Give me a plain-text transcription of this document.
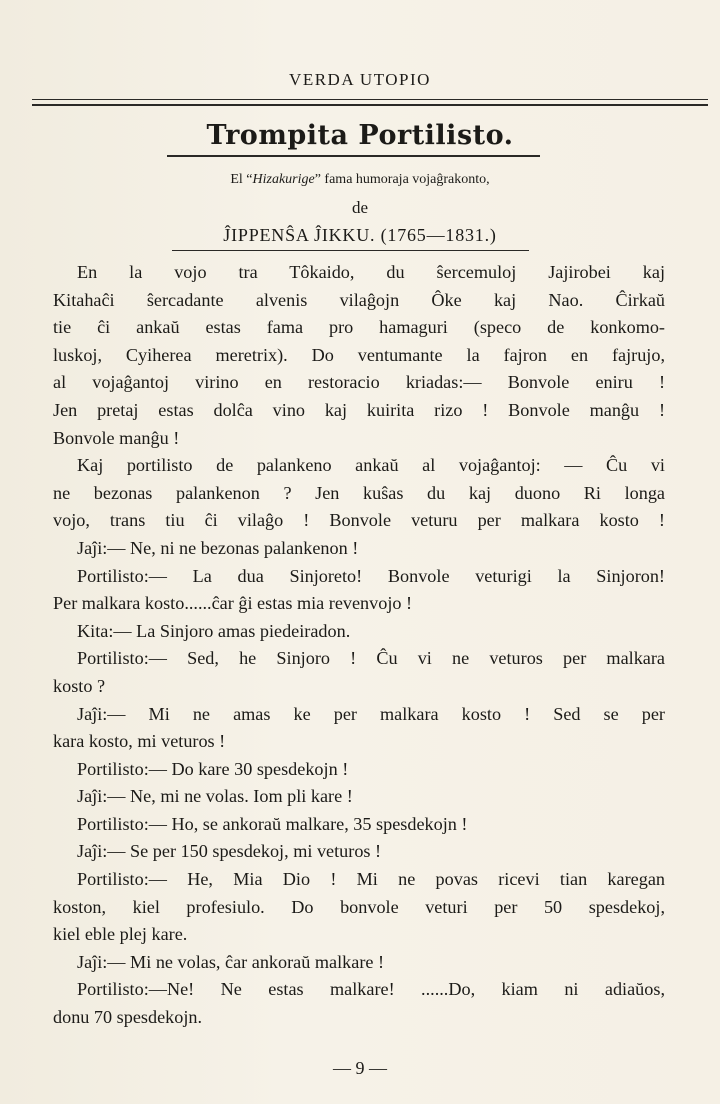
VERDA UTOPIO
Trompita Portilisto.
El “Hizakurige” fama humoraja vojaĝrakonto,
de
ĴIPPENŜA ĴIKKU. (1765—1831.)
En la vojo tra Tôkaido, du ŝercemuloj Jajirobei kaj
Kitahaĉi ŝercadante alvenis vilaĝojn Ôke kaj Nao. Ĉirkaŭ
tie ĉi ankaŭ estas fama pro hamaguri (speco de konkomo-
luskoj, Cyiherea meretrix). Do ventumante la fajron en fajrujo,
al vojaĝantoj virino en restoracio kriadas:— Bonvole eniru !
Jen pretaj estas dolĉa vino kaj kuirita rizo ! Bonvole manĝu !
Bonvole manĝu !
Kaj portilisto de palankeno ankaŭ al vojaĝantoj: — Ĉu vi
ne bezonas palankenon ? Jen kuŝas du kaj duono Ri longa
vojo, trans tiu ĉi vilaĝo ! Bonvole veturu per malkara kosto !
Jaĵi:— Ne, ni ne bezonas palankenon !
Portilisto:— La dua Sinjoreto! Bonvole veturigi la Sinjoron!
Per malkara kosto......ĉar ĝi estas mia revenvojo !
Kita:— La Sinjoro amas piedeiradon.
Portilisto:— Sed, he Sinjoro ! Ĉu vi ne veturos per malkara
kosto ?
Jaĵi:— Mi ne amas ke per malkara kosto ! Sed se per
kara kosto, mi veturos !
Portilisto:— Do kare 30 spesdekojn !
Jaĵi:— Ne, mi ne volas. Iom pli kare !
Portilisto:— Ho, se ankoraŭ malkare, 35 spesdekojn !
Jaĵi:— Se per 150 spesdekoj, mi veturos !
Portilisto:— He, Mia Dio ! Mi ne povas ricevi tian karegan
koston, kiel profesiulo. Do bonvole veturi per 50 spesdekoj,
kiel eble plej kare.
Jaĵi:— Mi ne volas, ĉar ankoraŭ malkare !
Portilisto:—Ne! Ne estas malkare! ......Do, kiam ni adiaŭos,
donu 70 spesdekojn.
— 9 —
